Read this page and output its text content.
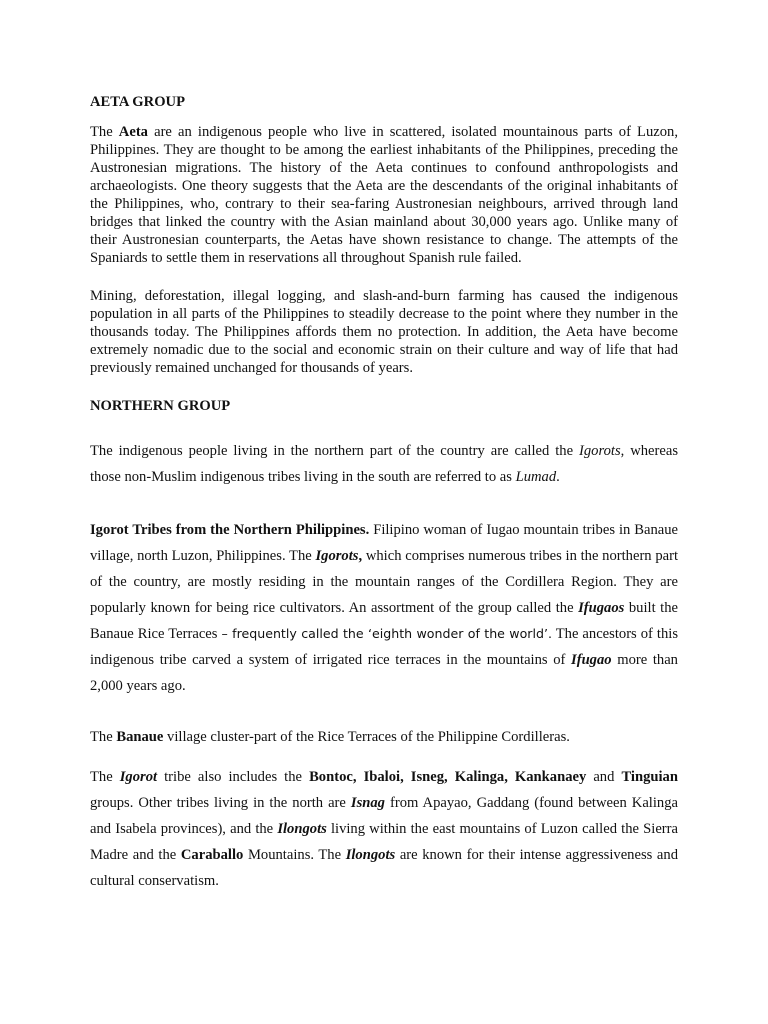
AETA GROUP

The Aeta are an indigenous people who live in scattered, isolated mountainous parts of Luzon, Philippines. They are thought to be among the earliest inhabitants of the Philippines, preceding the Austronesian migrations. The history of the Aeta continues to confound anthropologists and archaeologists. One theory suggests that the Aeta are the descendants of the original inhabitants of the Philippines, who, contrary to their sea-faring Austronesian neighbours, arrived through land bridges that linked the country with the Asian mainland about 30,000 years ago. Unlike many of their Austronesian counterparts, the Aetas have shown resistance to change. The attempts of the Spaniards to settle them in reservations all throughout Spanish rule failed.

Mining, deforestation, illegal logging, and slash-and-burn farming has caused the indigenous population in all parts of the Philippines to steadily decrease to the point where they number in the thousands today. The Philippines affords them no protection. In addition, the Aeta have become extremely nomadic due to the social and economic strain on their culture and way of life that had previously remained unchanged for thousands of years.

NORTHERN GROUP

The indigenous people living in the northern part of the country are called the Igorots, whereas those non-Muslim indigenous tribes living in the south are referred to as Lumad.

Igorot Tribes from the Northern Philippines. Filipino woman of Iugao mountain tribes in Banaue village, north Luzon, Philippines. The Igorots, which comprises numerous tribes in the northern part of the country, are mostly residing in the mountain ranges of the Cordillera Region. They are popularly known for being rice cultivators. An assortment of the group called the Ifugaos built the Banaue Rice Terraces – frequently called the ‘eighth wonder of the world’. The ancestors of this indigenous tribe carved a system of irrigated rice terraces in the mountains of Ifugao more than 2,000 years ago.

The Banaue village cluster-part of the Rice Terraces of the Philippine Cordilleras.

The Igorot tribe also includes the Bontoc, Ibaloi, Isneg, Kalinga, Kankanaey and Tinguian groups. Other tribes living in the north are Isnag from Apayao, Gaddang (found between Kalinga and Isabela provinces), and the Ilongots living within the east mountains of Luzon called the Sierra Madre and the Caraballo Mountains. The Ilongots are known for their intense aggressiveness and cultural conservatism.
